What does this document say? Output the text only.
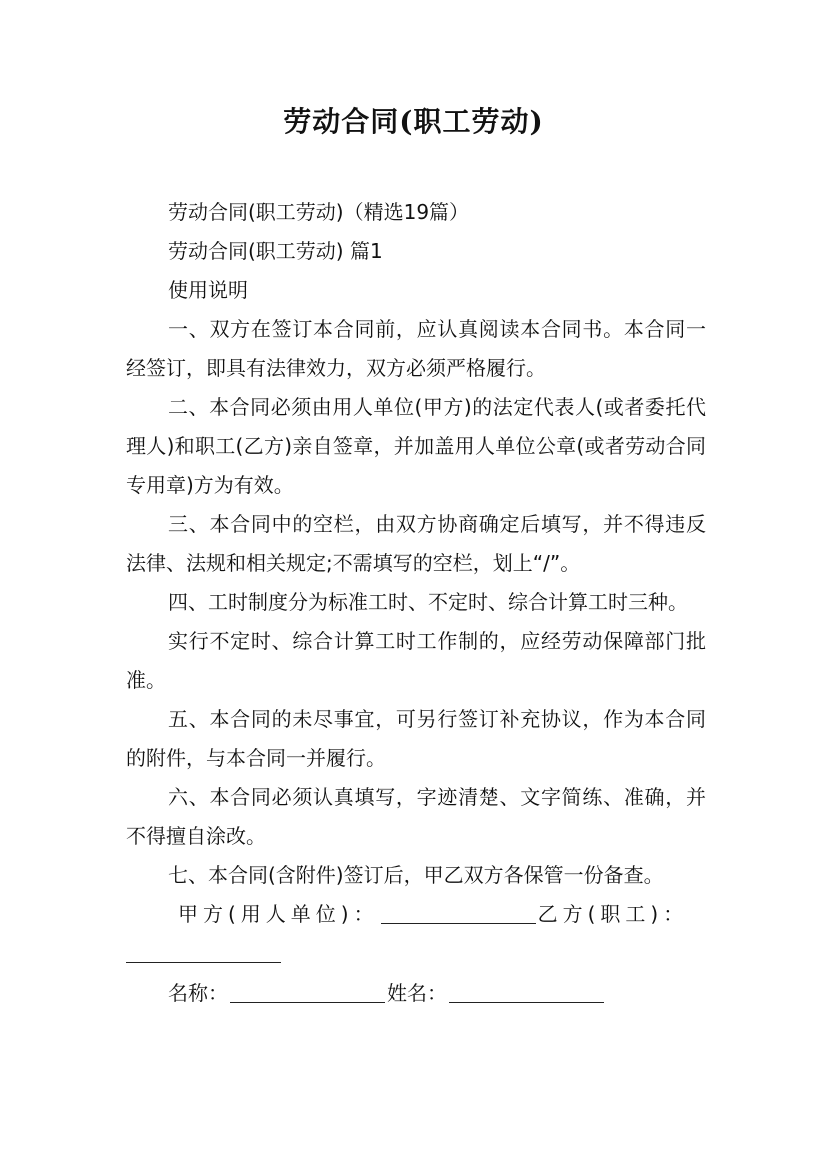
劳动合同(职工劳动)

劳动合同(职工劳动)（精选19篇）

劳动合同(职工劳动) 篇1

使用说明

一、双方在签订本合同前，应认真阅读本合同书。本合同一经签订，即具有法律效力，双方必须严格履行。

二、本合同必须由用人单位(甲方)的法定代表人(或者委托代理人)和职工(乙方)亲自签章，并加盖用人单位公章(或者劳动合同专用章)方为有效。

三、本合同中的空栏，由双方协商确定后填写，并不得违反法律、法规和相关规定;不需填写的空栏，划上“/”。

四、工时制度分为标准工时、不定时、综合计算工时三种。

实行不定时、综合计算工时工作制的，应经劳动保障部门批准。

五、本合同的未尽事宜，可另行签订补充协议，作为本合同的附件，与本合同一并履行。

六、本合同必须认真填写，字迹清楚、文字简练、准确，并不得擅自涂改。

七、本合同(含附件)签订后，甲乙双方各保管一份备查。

甲方(用人单位)：	乙方(职工)：

名称：	姓名：
